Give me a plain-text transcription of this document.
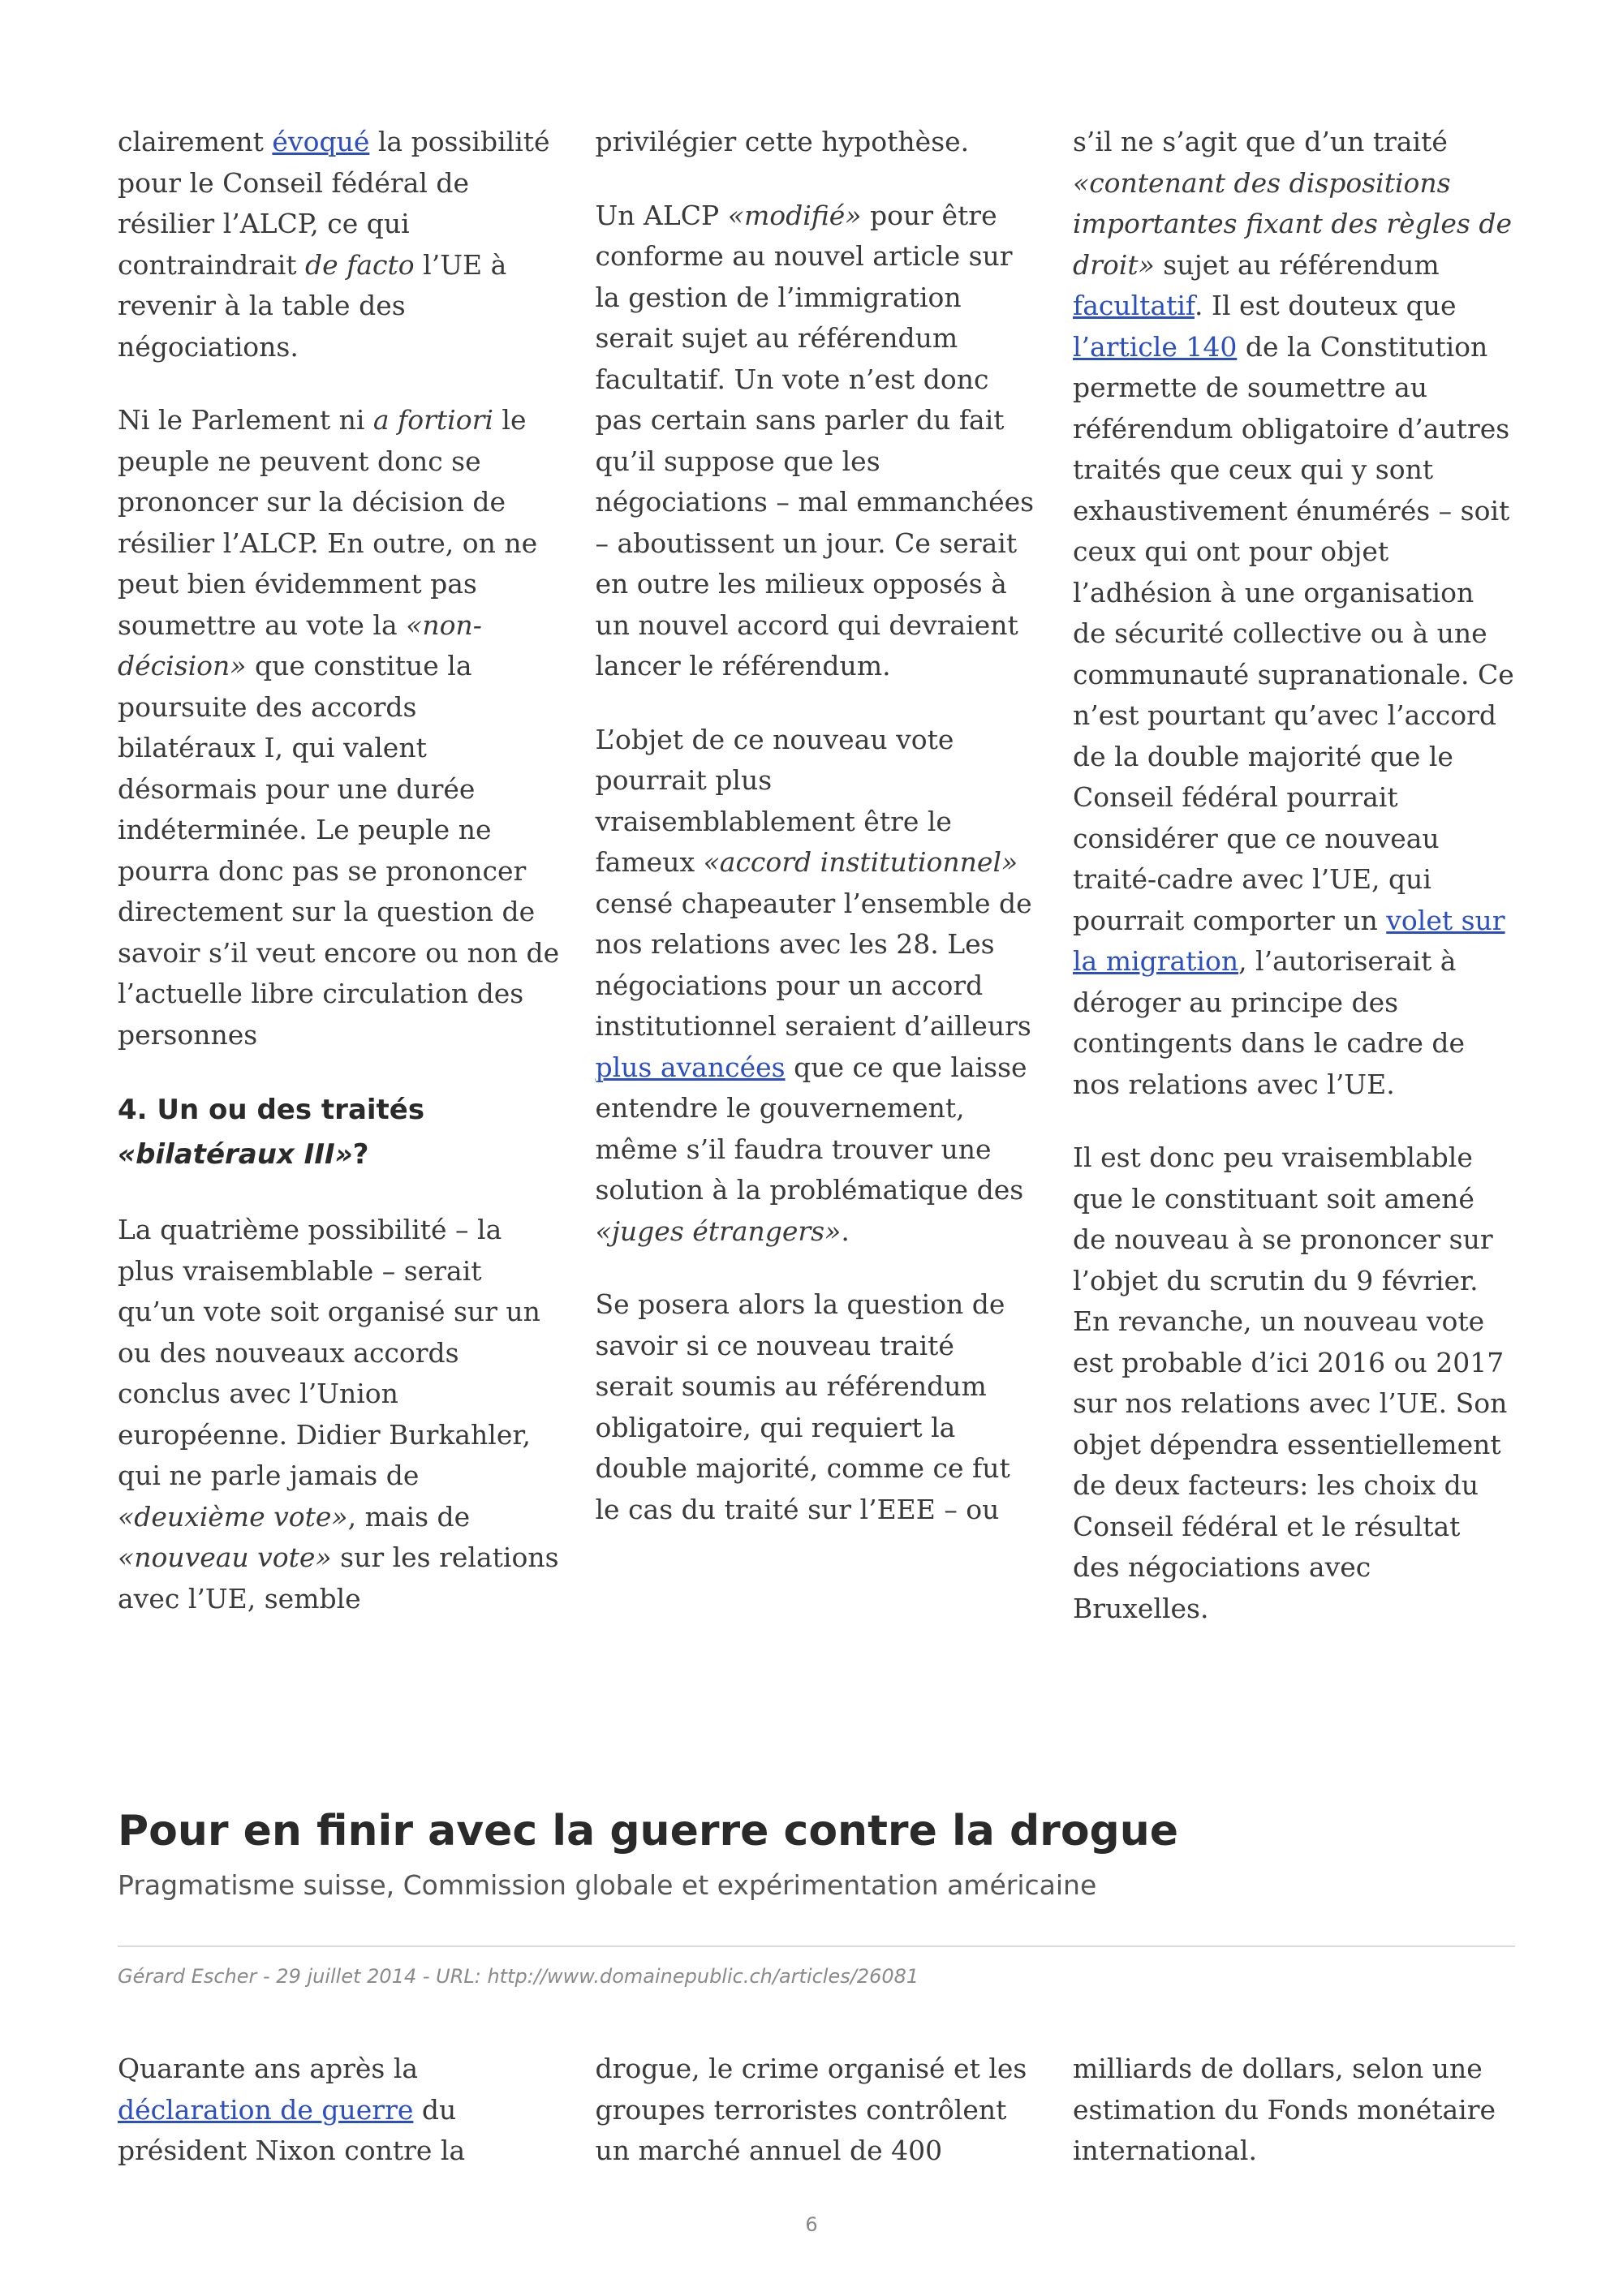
clairement évoqué la possibilité pour le Conseil fédéral de résilier l’ALCP, ce qui contraindrait de facto l’UE à revenir à la table des négociations.

Ni le Parlement ni a fortiori le peuple ne peuvent donc se prononcer sur la décision de résilier l’ALCP. En outre, on ne peut bien évidemment pas soumettre au vote la «non-décision» que constitue la poursuite des accords bilatéraux I, qui valent désormais pour une durée indéterminée. Le peuple ne pourra donc pas se prononcer directement sur la question de savoir s’il veut encore ou non de l’actuelle libre circulation des personnes

4. Un ou des traités «bilatéraux III»?

La quatrième possibilité – la plus vraisemblable – serait qu’un vote soit organisé sur un ou des nouveaux accords conclus avec l’Union européenne. Didier Burkahler, qui ne parle jamais de «deuxième vote», mais de «nouveau vote» sur les relations avec l’UE, semble

privilégier cette hypothèse.

Un ALCP «modifié» pour être conforme au nouvel article sur la gestion de l’immigration serait sujet au référendum facultatif. Un vote n’est donc pas certain sans parler du fait qu’il suppose que les négociations – mal emmanchées – aboutissent un jour. Ce serait en outre les milieux opposés à un nouvel accord qui devraient lancer le référendum.

L’objet de ce nouveau vote pourrait plus vraisemblablement être le fameux «accord institutionnel» censé chapeauter l’ensemble de nos relations avec les 28. Les négociations pour un accord institutionnel seraient d’ailleurs plus avancées que ce que laisse entendre le gouvernement, même s’il faudra trouver une solution à la problématique des «juges étrangers».

Se posera alors la question de savoir si ce nouveau traité serait soumis au référendum obligatoire, qui requiert la double majorité, comme ce fut le cas du traité sur l’EEE – ou

s’il ne s’agit que d’un traité «contenant des dispositions importantes fixant des règles de droit» sujet au référendum facultatif. Il est douteux que l’article 140 de la Constitution permette de soumettre au référendum obligatoire d’autres traités que ceux qui y sont exhaustivement énumérés – soit ceux qui ont pour objet l’adhésion à une organisation de sécurité collective ou à une communauté supranationale. Ce n’est pourtant qu’avec l’accord de la double majorité que le Conseil fédéral pourrait considérer que ce nouveau traité-cadre avec l’UE, qui pourrait comporter un volet sur la migration, l’autoriserait à déroger au principe des contingents dans le cadre de nos relations avec l’UE.

Il est donc peu vraisemblable que le constituant soit amené de nouveau à se prononcer sur l’objet du scrutin du 9 février. En revanche, un nouveau vote est probable d’ici 2016 ou 2017 sur nos relations avec l’UE. Son objet dépendra essentiellement de deux facteurs: les choix du Conseil fédéral et le résultat des négociations avec Bruxelles.

Pour en finir avec la guerre contre la drogue
Pragmatisme suisse, Commission globale et expérimentation américaine
Gérard Escher - 29 juillet 2014 - URL: http://www.domainepublic.ch/articles/26081

Quarante ans après la déclaration de guerre du président Nixon contre la

drogue, le crime organisé et les groupes terroristes contrôlent un marché annuel de 400

milliards de dollars, selon une estimation du Fonds monétaire international.

6
